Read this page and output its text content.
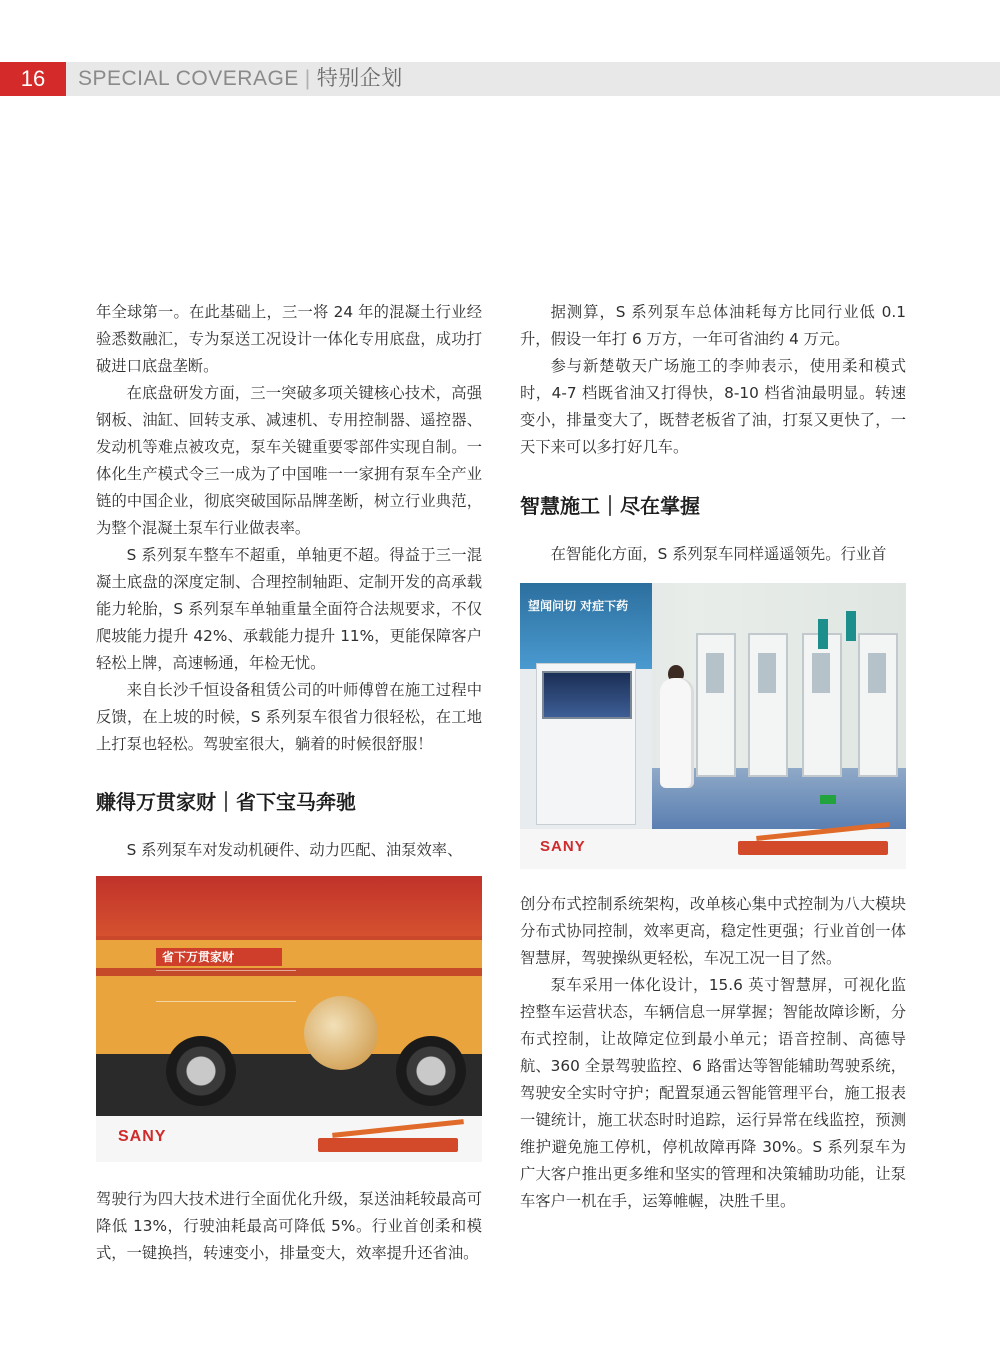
16	SPECIAL COVERAGE | 特别企划

年全球第一。在此基础上，三一将 24 年的混凝土行业经验悉数融汇，专为泵送工况设计一体化专用底盘，成功打破进口底盘垄断。

在底盘研发方面，三一突破多项关键核心技术，高强钢板、油缸、回转支承、减速机、专用控制器、遥控器、发动机等难点被攻克，泵车关键重要零部件实现自制。一体化生产模式令三一成为了中国唯一一家拥有泵车全产业链的中国企业，彻底突破国际品牌垄断，树立行业典范，为整个混凝土泵车行业做表率。

S 系列泵车整车不超重，单轴更不超。得益于三一混凝土底盘的深度定制、合理控制轴距、定制开发的高承载能力轮胎，S 系列泵车单轴重量全面符合法规要求，不仅爬坡能力提升 42%、承载能力提升 11%，更能保障客户轻松上牌，高速畅通，年检无忧。

来自长沙千恒设备租赁公司的叶师傅曾在施工过程中反馈，在上坡的时候，S 系列泵车很省力很轻松，在工地上打泵也轻松。驾驶室很大，躺着的时候很舒服！

赚得万贯家财｜省下宝马奔驰

S 系列泵车对发动机硬件、动力匹配、油泵效率、

省下万贯家财
SANY

驾驶行为四大技术进行全面优化升级，泵送油耗较最高可降低 13%，行驶油耗最高可降低 5%。行业首创柔和模式，一键换挡，转速变小，排量变大，效率提升还省油。

据测算，S 系列泵车总体油耗每方比同行业低 0.1 升，假设一年打 6 万方，一年可省油约 4 万元。

参与新楚敬天广场施工的李帅表示，使用柔和模式时，4-7 档既省油又打得快，8-10 档省油最明显。转速变小，排量变大了，既替老板省了油，打泵又更快了，一天下来可以多打好几车。

智慧施工｜尽在掌握

在智能化方面，S 系列泵车同样遥遥领先。行业首

望闻问切 对症下药
SANY

创分布式控制系统架构，改单核心集中式控制为八大模块分布式协同控制，效率更高，稳定性更强；行业首创一体智慧屏，驾驶操纵更轻松，车况工况一目了然。

泵车采用一体化设计，15.6 英寸智慧屏，可视化监控整车运营状态，车辆信息一屏掌握；智能故障诊断，分布式控制，让故障定位到最小单元；语音控制、高德导航、360 全景驾驶监控、6 路雷达等智能辅助驾驶系统，驾驶安全实时守护；配置泵通云智能管理平台，施工报表一键统计，施工状态时时追踪，运行异常在线监控，预测维护避免施工停机，停机故障再降 30%。S 系列泵车为广大客户推出更多维和坚实的管理和决策辅助功能，让泵车客户一机在手，运筹帷幄，决胜千里。
